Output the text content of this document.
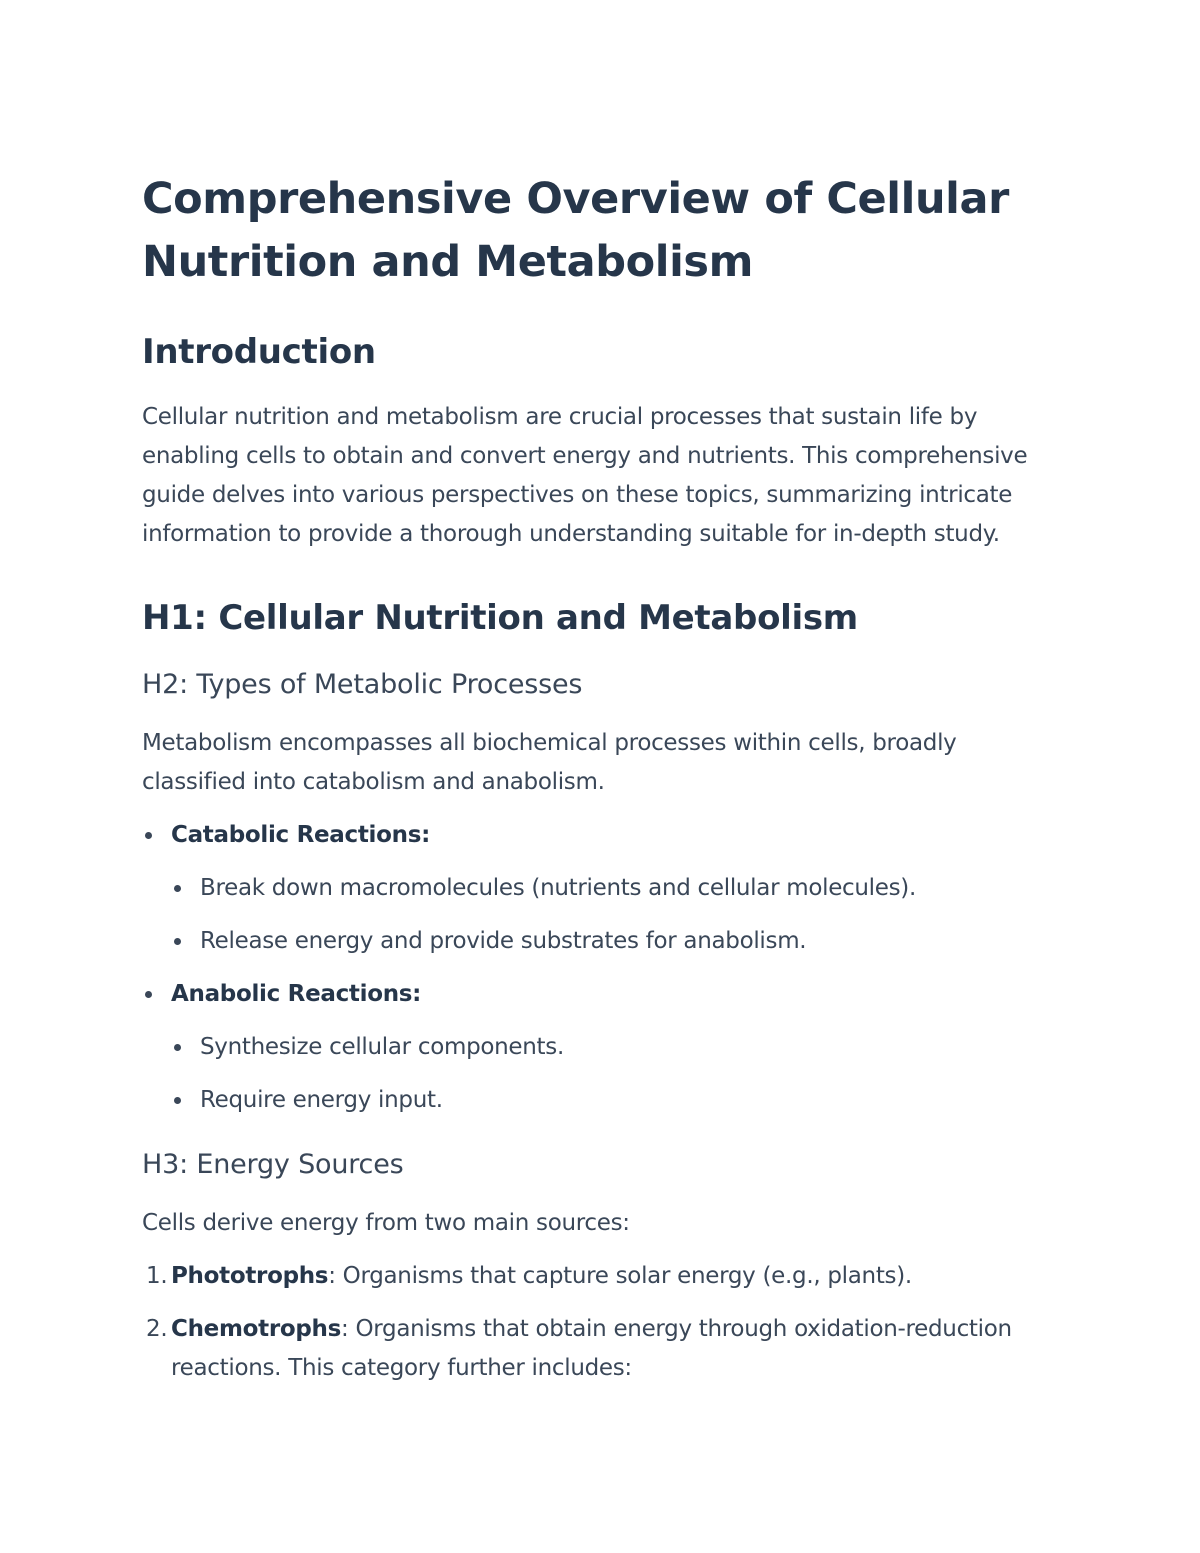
Comprehensive Overview of Cellular Nutrition and Metabolism
Introduction

Cellular nutrition and metabolism are crucial processes that sustain life by enabling cells to obtain and convert energy and nutrients. This comprehensive guide delves into various perspectives on these topics, summarizing intricate information to provide a thorough understanding suitable for in-depth study.

H1: Cellular Nutrition and Metabolism
H2: Types of Metabolic Processes

Metabolism encompasses all biochemical processes within cells, broadly classified into catabolism and anabolism.

Catabolic Reactions:
Break down macromolecules (nutrients and cellular molecules).
Release energy and provide substrates for anabolism.
Anabolic Reactions:
Synthesize cellular components.
Require energy input.
H3: Energy Sources

Cells derive energy from two main sources:

1. Phototrophs: Organisms that capture solar energy (e.g., plants).
2. Chemotrophs: Organisms that obtain energy through oxidation-reduction reactions. This category further includes:
